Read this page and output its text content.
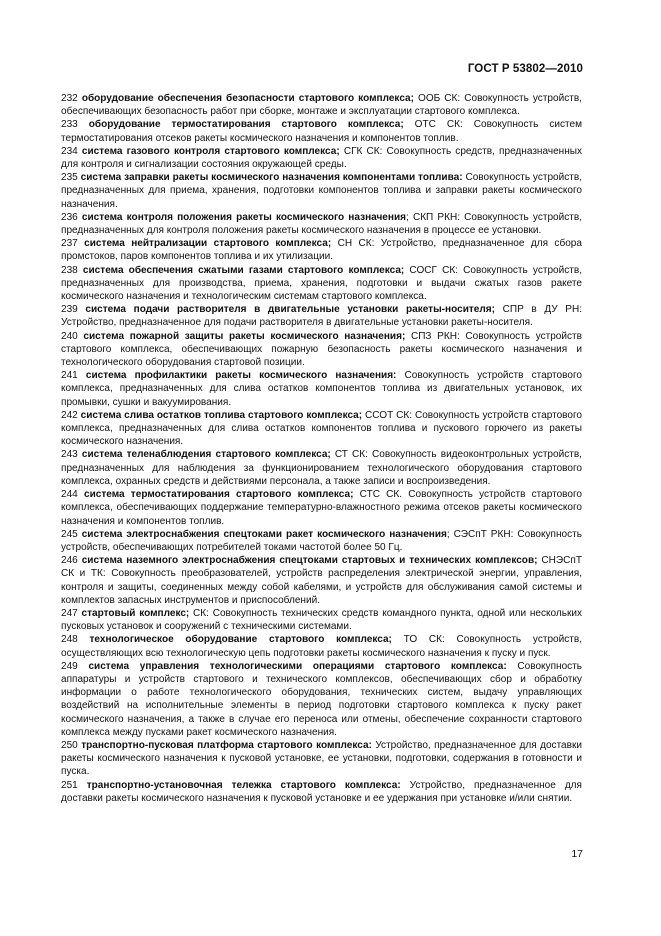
ГОСТ Р 53802—2010

232 оборудование обеспечения безопасности стартового комплекса; ООБ СК: Совокупность устройств, обеспечивающих безопасность работ при сборке, монтаже и эксплуатации стартового комплекса.

233 оборудование термостатирования стартового комплекса; ОТС СК: Совокупность систем термостатирования отсеков ракеты космического назначения и компонентов топлив.

234 система газового контроля стартового комплекса; СГК СК: Совокупность средств, предназначенных для контроля и сигнализации состояния окружающей среды.

235 система заправки ракеты космического назначения компонентами топлива: Совокупность устройств, предназначенных для приема, хранения, подготовки компонентов топлива и заправки ракеты космического назначения.

236 система контроля положения ракеты космического назначения; СКП РКН: Совокупность устройств, предназначенных для контроля положения ракеты космического назначения в процессе ее установки.

237 система нейтрализации стартового комплекса; СН СК: Устройство, предназначенное для сбора промстоков, паров компонентов топлива и их утилизации.

238 система обеспечения сжатыми газами стартового комплекса; СОСГ СК: Совокупность устройств, предназначенных для производства, приема, хранения, подготовки и выдачи сжатых газов ракете космического назначения и технологическим системам стартового комплекса.

239 система подачи растворителя в двигательные установки ракеты-носителя; СПР в ДУ РН: Устройство, предназначенное для подачи растворителя в двигательные установки ракеты-носителя.

240 система пожарной защиты ракеты космического назначения; СПЗ РКН: Совокупность устройств стартового комплекса, обеспечивающих пожарную безопасность ракеты космического назначения и технологического оборудования стартовой позиции.

241 система профилактики ракеты космического назначения: Совокупность устройств стартового комплекса, предназначенных для слива остатков компонентов топлива из двигательных установок, их промывки, сушки и вакуумирования.

242 система слива остатков топлива стартового комплекса; ССОТ СК: Совокупность устройств стартового комплекса, предназначенных для слива остатков компонентов топлива и пускового горючего из ракеты космического назначения.

243 система теленаблюдения стартового комплекса; СТ СК: Совокупность видеоконтрольных устройств, предназначенных для наблюдения за функционированием технологического оборудования стартового комплекса, охранных средств и действиями персонала, а также записи и воспроизведения.

244 система термостатирования стартового комплекса; СТС СК. Совокупность устройств стартового комплекса, обеспечивающих поддержание температурно-влажностного режима отсеков ракеты космического назначения и компонентов топлив.

245 система электроснабжения спецтоками ракет космического назначения; СЭСпТ РКН: Совокупность устройств, обеспечивающих потребителей токами частотой более 50 Гц.

246 система наземного электроснабжения спецтоками стартовых и технических комплексов; СНЭСпТ СК и ТК: Совокупность преобразователей, устройств распределения электрической энергии, управления, контроля и защиты, соединенных между собой кабелями, и устройств для обслуживания самой системы и комплектов запасных инструментов и приспособлений.

247 стартовый комплекс; СК: Совокупность технических средств командного пункта, одной или нескольких пусковых установок и сооружений с техническими системами.

248 технологическое оборудование стартового комплекса; ТО СК: Совокупность устройств, осуществляющих всю технологическую цепь подготовки ракеты космического назначения к пуску и пуск.

249 система управления технологическими операциями стартового комплекса: Совокупность аппаратуры и устройств стартового и технического комплексов, обеспечивающих сбор и обработку информации о работе технологического оборудования, технических систем, выдачу управляющих воздействий на исполнительные элементы в период подготовки стартового комплекса к пуску ракет космического назначения, а также в случае его переноса или отмены, обеспечение сохранности стартового комплекса между пусками ракет космического назначения.

250 транспортно-пусковая платформа стартового комплекса: Устройство, предназначенное для доставки ракеты космического назначения к пусковой установке, ее установки, подготовки, содержания в готовности и пуска.

251 транспортно-установочная тележка стартового комплекса: Устройство, предназначенное для доставки ракеты космического назначения к пусковой установке и ее удержания при установке и/или снятии.

17
